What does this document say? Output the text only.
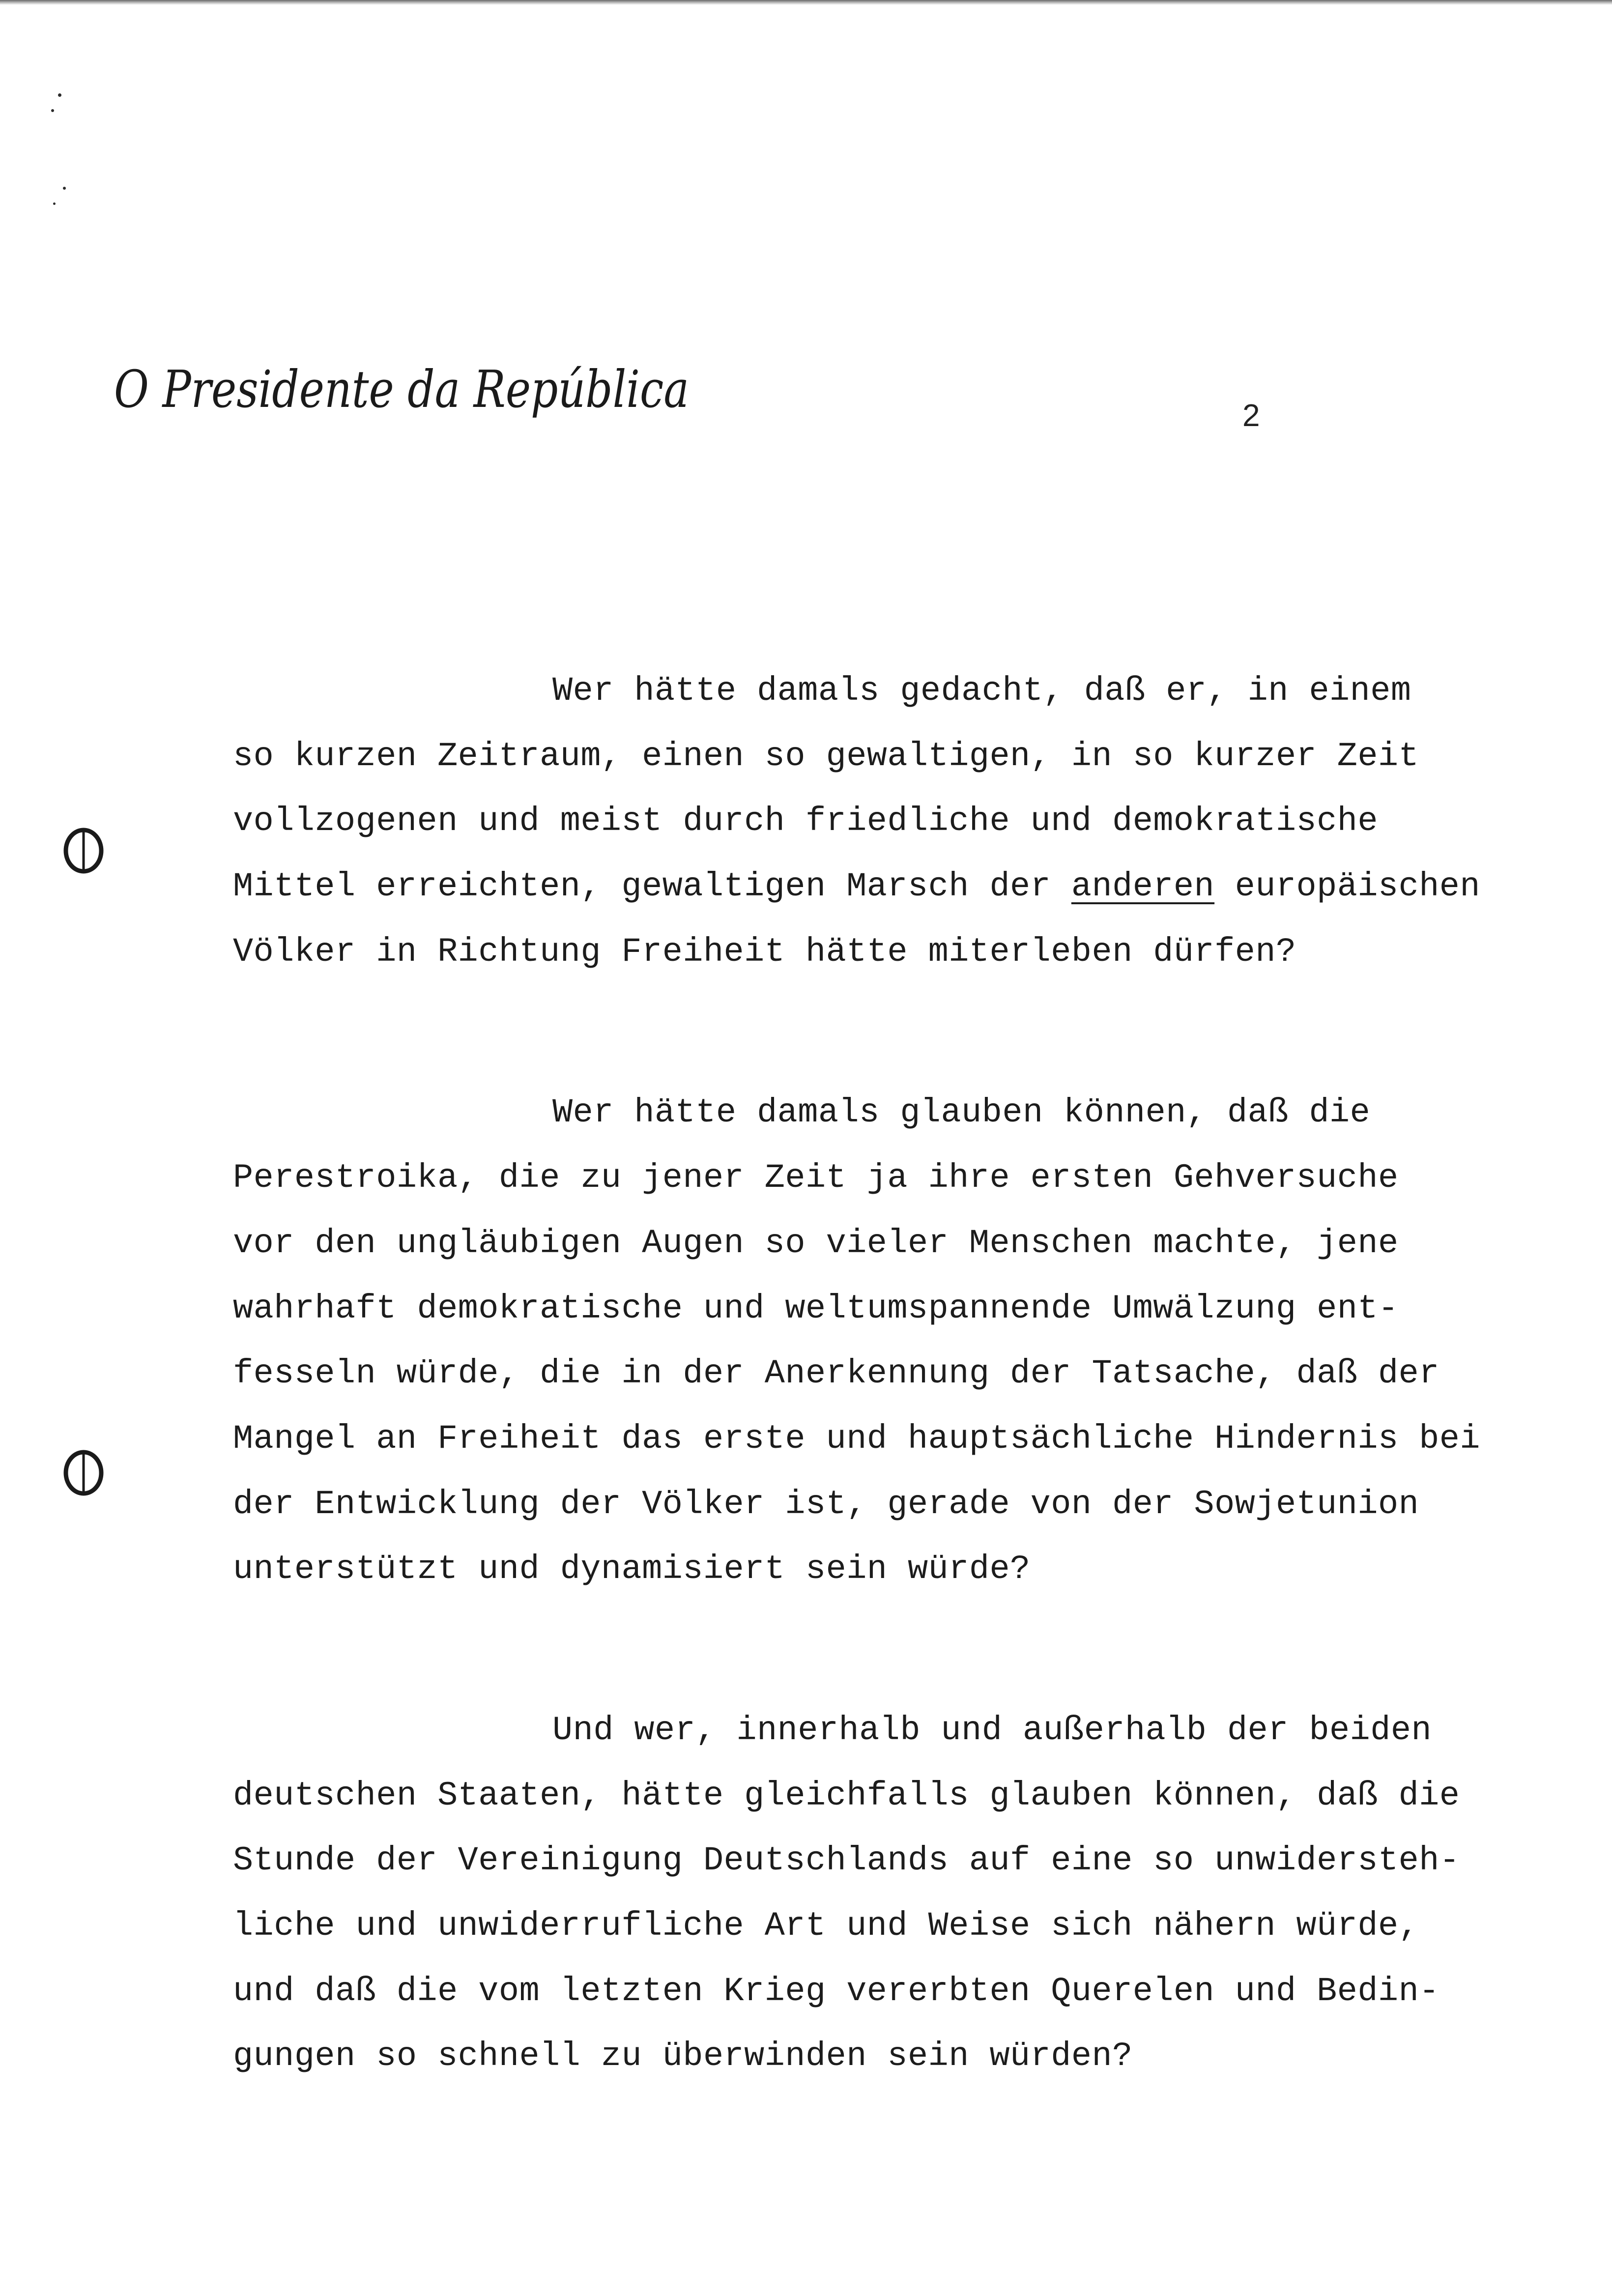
O Presidente da República	2
Wer hätte damals gedacht, daß er, in einem
so kurzen Zeitraum, einen so gewaltigen, in so kurzer Zeit
vollzogenen und meist durch friedliche und demokratische
Mittel erreichten, gewaltigen Marsch der anderen europäischen
Völker in Richtung Freiheit hätte miterleben dürfen?
Wer hätte damals glauben können, daß die
Perestroika, die zu jener Zeit ja ihre ersten Gehversuche
vor den ungläubigen Augen so vieler Menschen machte, jene
wahrhaft demokratische und weltumspannende Umwälzung ent-
fesseln würde, die in der Anerkennung der Tatsache, daß der
Mangel an Freiheit das erste und hauptsächliche Hindernis bei
der Entwicklung der Völker ist, gerade von der Sowjetunion
unterstützt und dynamisiert sein würde?
Und wer, innerhalb und außerhalb der beiden
deutschen Staaten, hätte gleichfalls glauben können, daß die
Stunde der Vereinigung Deutschlands auf eine so unwidersteh-
liche und unwiderrufliche Art und Weise sich nähern würde,
und daß die vom letzten Krieg vererbten Querelen und Bedin-
gungen so schnell zu überwinden sein würden?
